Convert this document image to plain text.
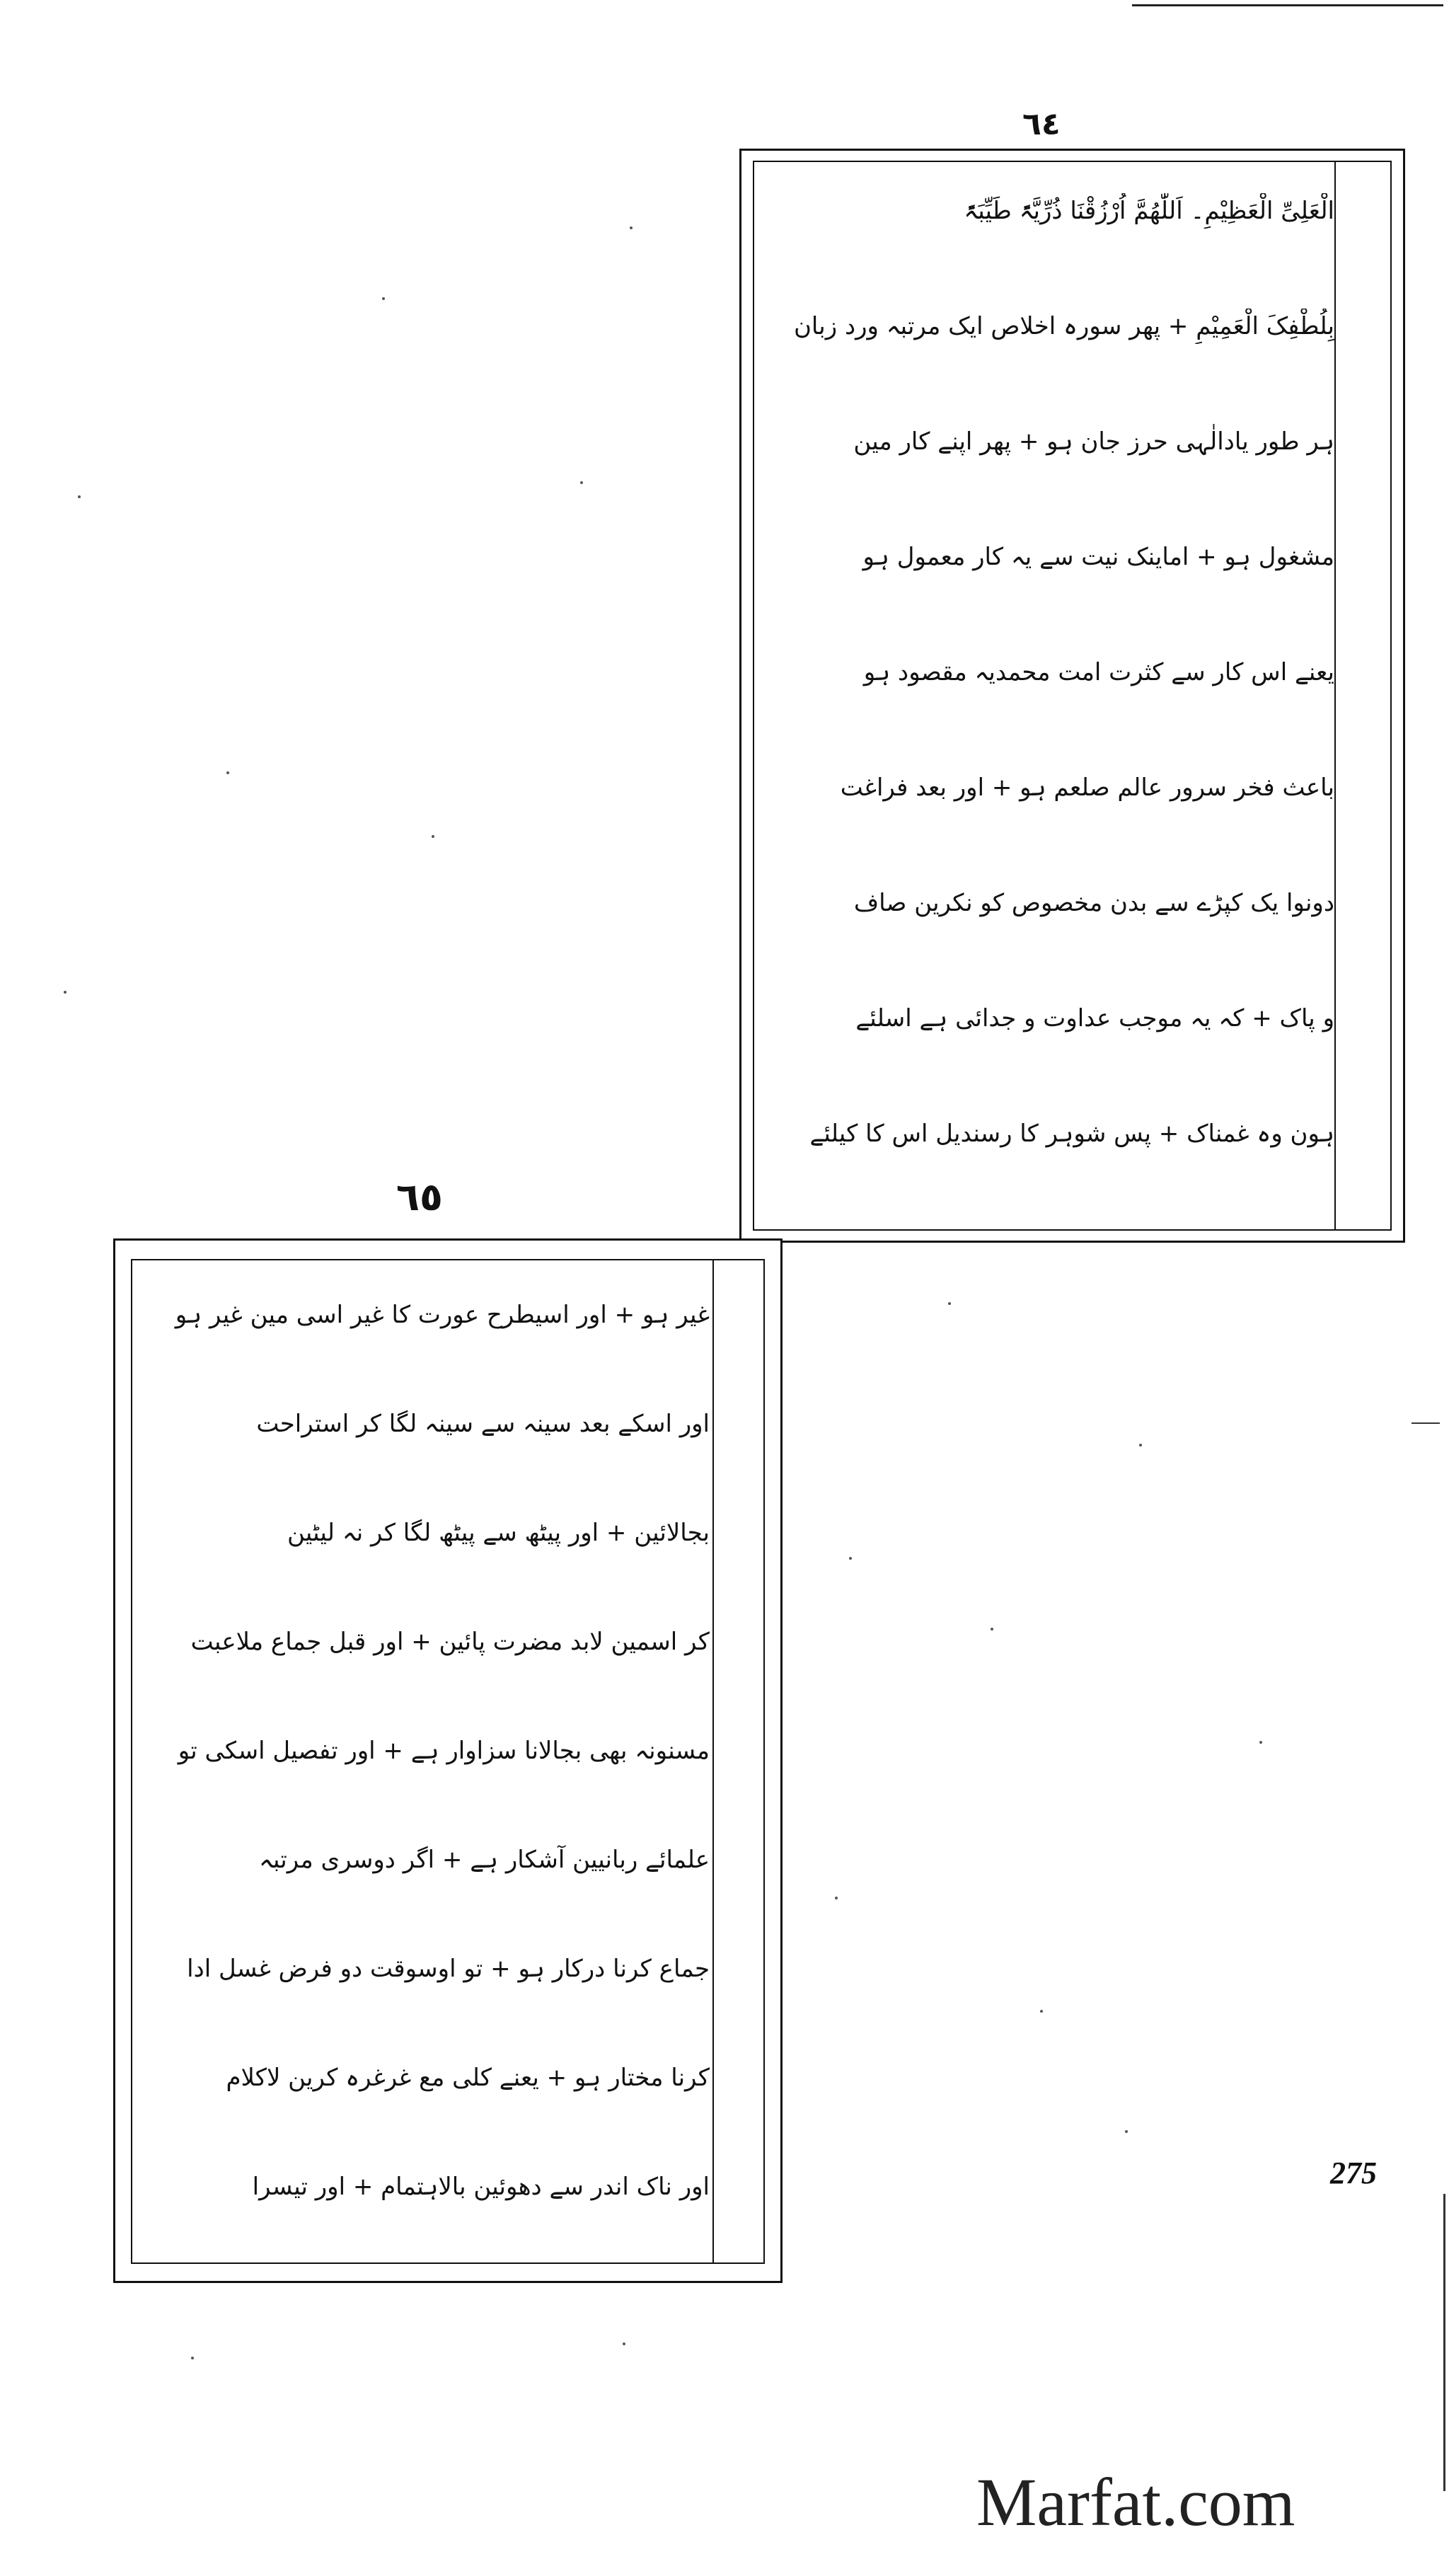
٦٤
الْعَلِیِّ الْعَظِیْمِ۔ اَللّٰھُمَّ اُرْزُقْنَا ذُرِّیَّۃً طَیِّبَۃً
بِلُطْفِکَ الْعَمِیْمِ + پھر سورہ اخلاص ایک مرتبہ ورد زبان
ہر طور یادالٰہی حرز جان ہو + پھر اپنے کار مین
مشغول ہو + اماینک نیت سے یہ کار معمول ہو
یعنے اس کار سے کثرت امت محمدیہ مقصود ہو
باعث فخر سرور عالم صلعم ہو + اور بعد فراغت
دونوا یک کپڑے سے بدن مخصوص کو نکرین صاف
و پاک + کہ یہ موجب عداوت و جدائی ہے اسلئے
ہون وہ غمناک + پس شوہر کا رسندیل اس کا کیلئے
٦٥
غیر ہو + اور اسیطرح عورت کا غیر اسی مین غیر ہو
اور اسکے بعد سینہ سے سینہ لگا کر استراحت
بجالائین + اور پیٹھ سے پیٹھ لگا کر نہ لیٹین
کر اسمین لابد مضرت پائین + اور قبل جماع ملاعبت
مسنونہ بھی بجالانا سزاوار ہے + اور تفصیل اسکی تو
علمائے ربانیین آشکار ہے + اگر دوسری مرتبہ
جماع کرنا درکار ہو + تو اوسوقت دو فرض غسل ادا
کرنا مختار ہو + یعنے کلی مع غرغرہ کرین لاکلام
اور ناک اندر سے دھوئین بالاہتمام + اور تیسرا	275
Marfat.com
